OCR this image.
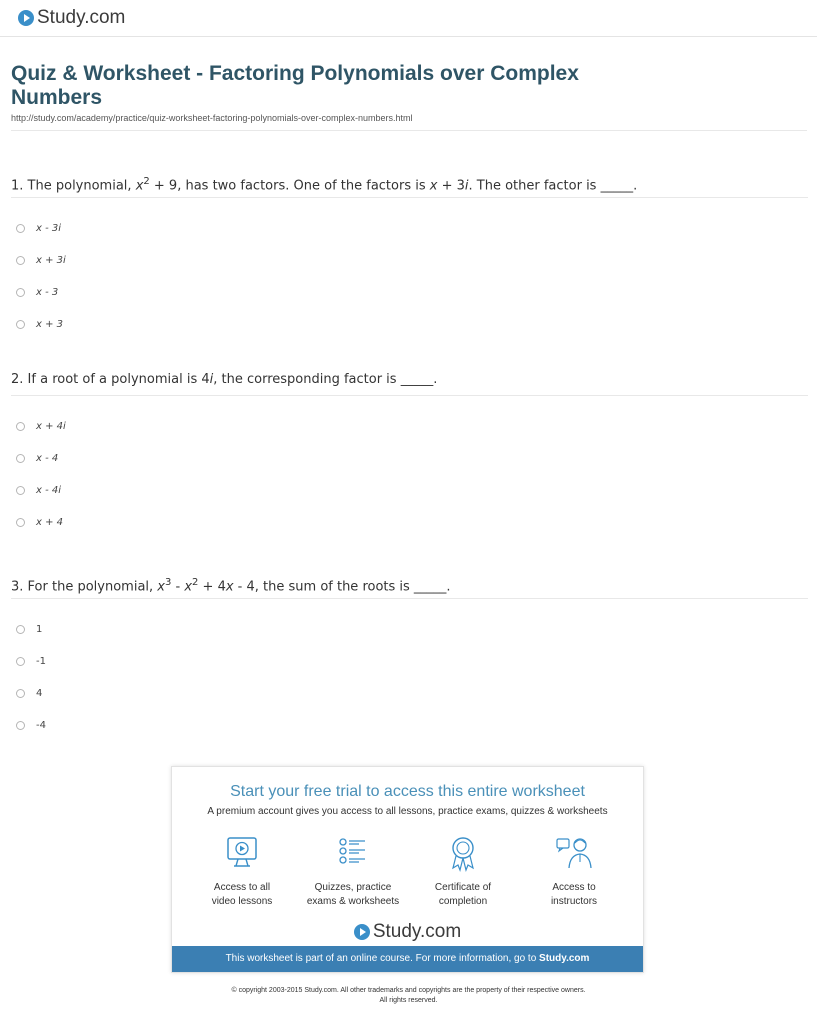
Study.com
Quiz & Worksheet - Factoring Polynomials over Complex Numbers
http://study.com/academy/practice/quiz-worksheet-factoring-polynomials-over-complex-numbers.html
1. The polynomial, $x^2 + 9$, has two factors. One of the factors is x + 3i. The other factor is _____.
x - 3i
x + 3i
x - 3
x + 3
2. If a root of a polynomial is 4i, the corresponding factor is _____.
x + 4i
x - 4
x - 4i
x + 4
3. For the polynomial, $x^3 - x^2 + 4x - 4$, the sum of the roots is _____.
1
-1
4
-4
Start your free trial to access this entire worksheet
A premium account gives you access to all lessons, practice exams, quizzes & worksheets
Access to all
video lessons
Quizzes, practice
exams & worksheets
Certificate of
completion
Access to
instructors
Study.com
This worksheet is part of an online course. For more information, go to Study.com
© copyright 2003-2015 Study.com. All other trademarks and copyrights are the property of their respective owners.
All rights reserved.
